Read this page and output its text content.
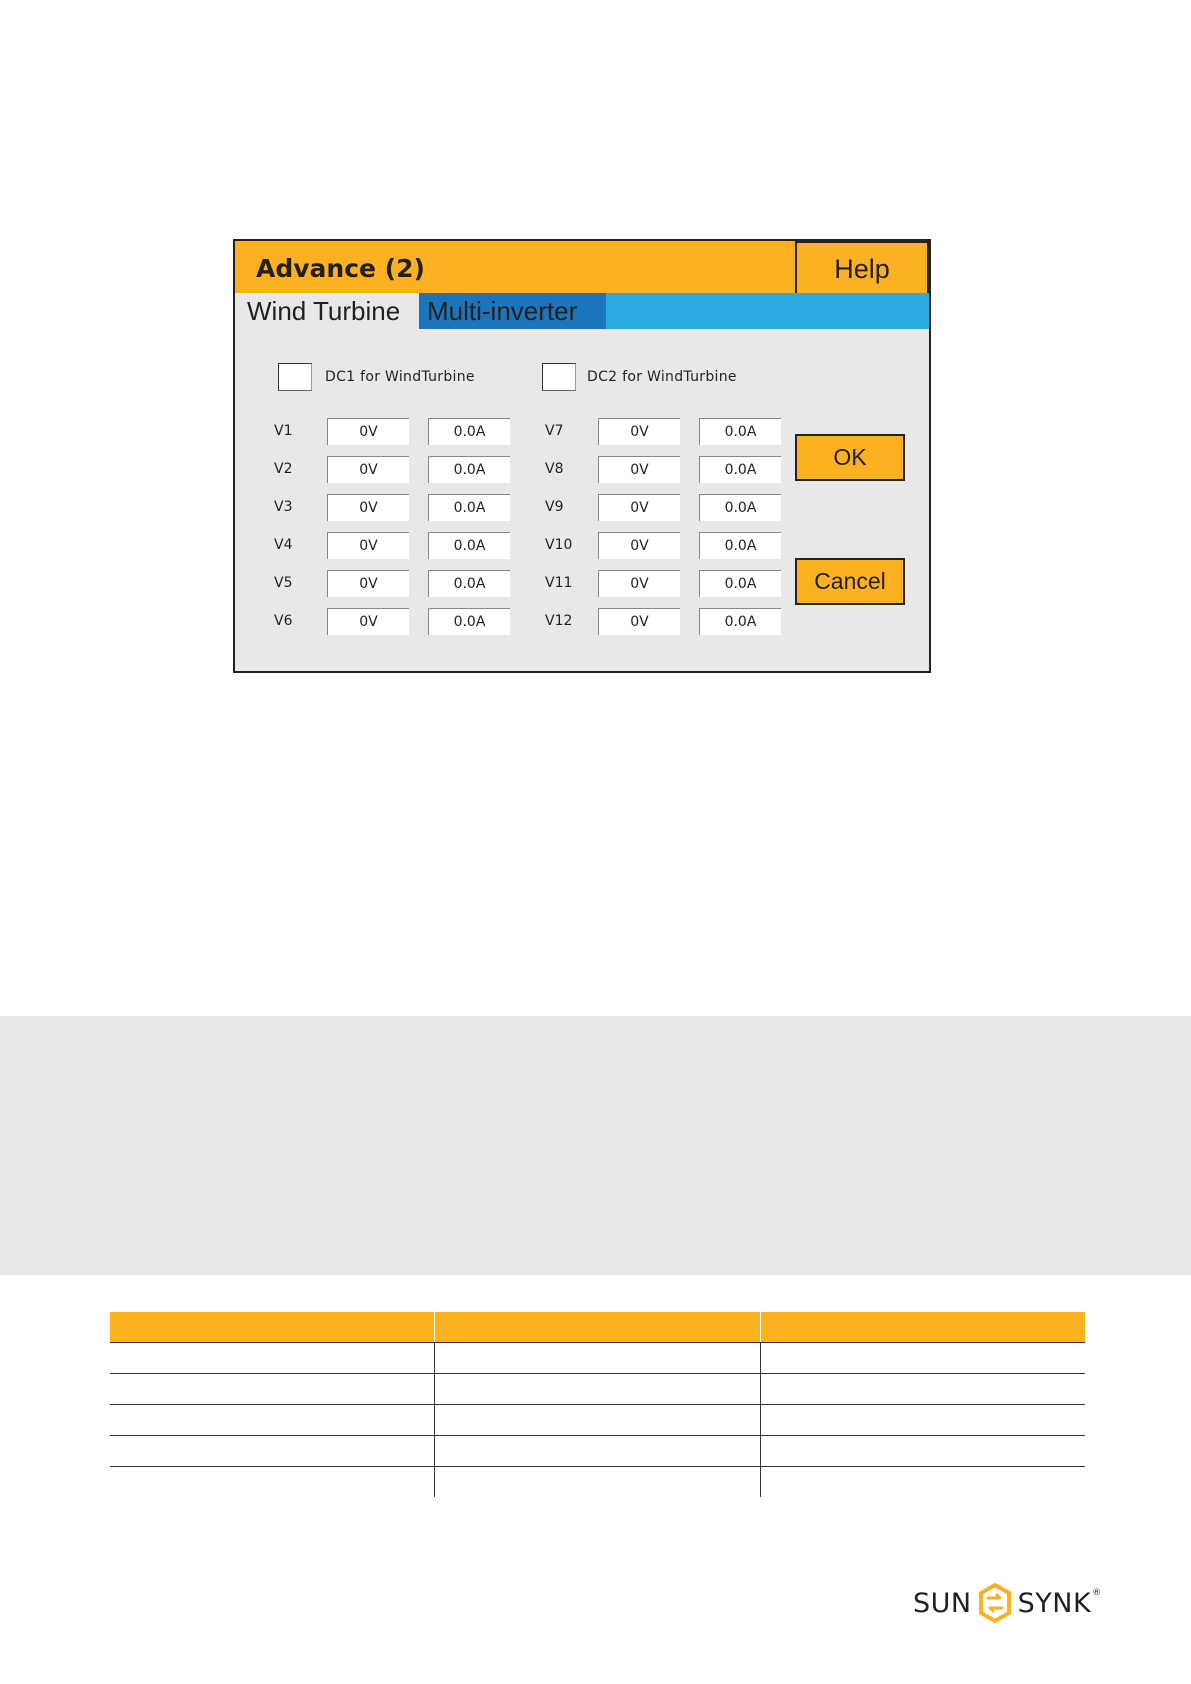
Advance (2)	Help
Wind Turbine	Multi-inverter
DC1 for WindTurbine	DC2 for WindTurbine
V1	0V	0.0A
V2	0V	0.0A
V3	0V	0.0A
V4	0V	0.0A
V5	0V	0.0A
V6	0V	0.0A
V7	0V	0.0A
V8	0V	0.0A
V9	0V	0.0A
V10	0V	0.0A
V11	0V	0.0A
V12	0V	0.0A
OK
Cancel
SUN SYNK ®
